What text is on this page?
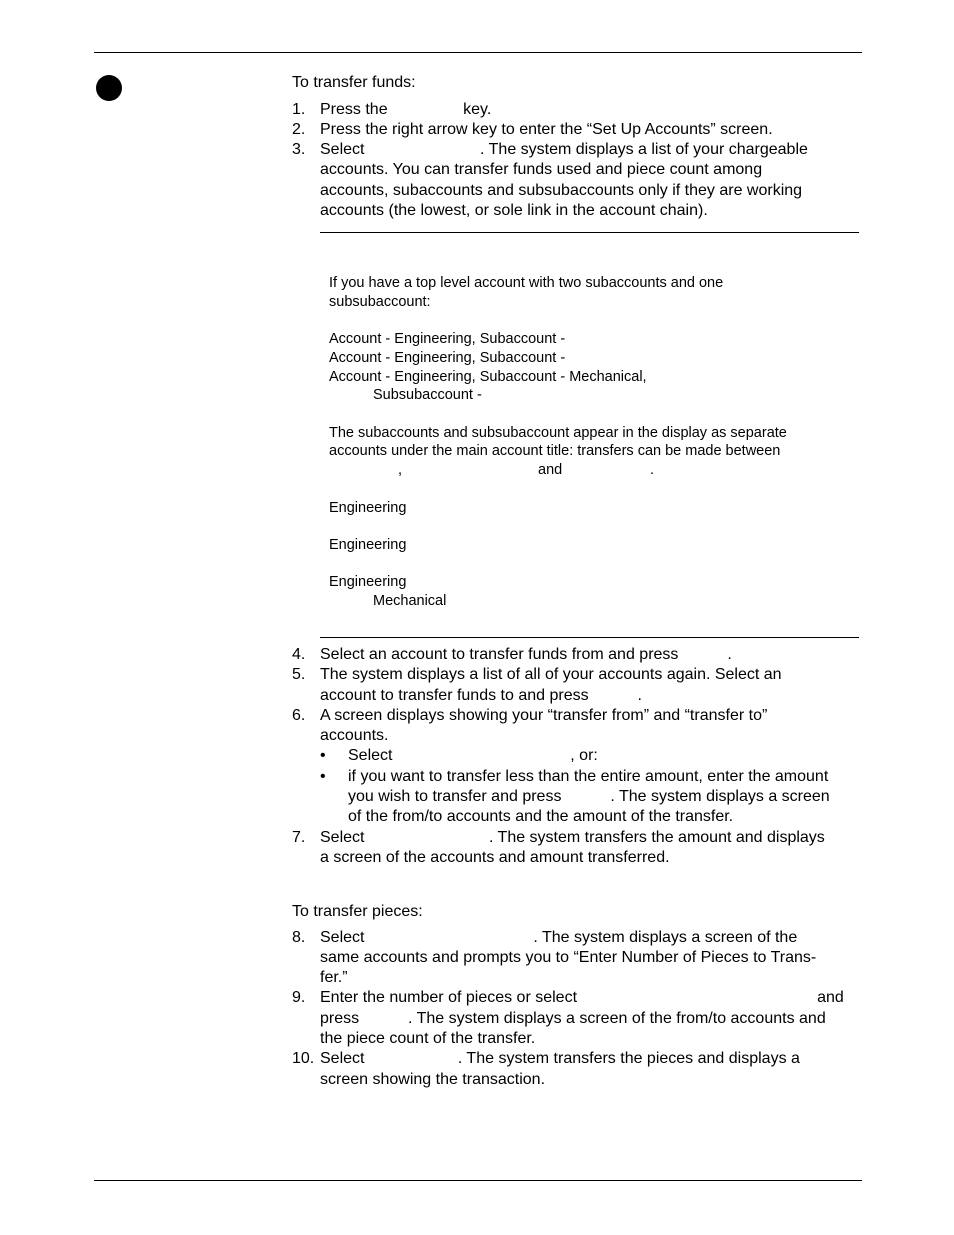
To transfer funds:
1. Press the                 key.
2. Press the right arrow key to enter the “Set Up Accounts” screen.
3. Select                          . The system displays a list of your chargeable
accounts. You can transfer funds used and piece count among
accounts, subaccounts and subsubaccounts only if they are working
accounts (the lowest, or sole link in the account chain).
If you have a top level account with two subaccounts and one
subsubaccount:
Account - Engineering, Subaccount -
Account - Engineering, Subaccount -
Account - Engineering, Subaccount - Mechanical,
Subsubaccount -
The subaccounts and subsubaccount appear in the display as separate
accounts under the main account title: transfers can be made between
,	and	.
Engineering
Engineering
Engineering
Mechanical
4. Select an account to transfer funds from and press           .
5. The system displays a list of all of your accounts again. Select an
account to transfer funds to and press           .
6. A screen displays showing your “transfer from” and “transfer to”
accounts.
• Select                                        , or:
• if you want to transfer less than the entire amount, enter the amount
you wish to transfer and press           . The system displays a screen
of the from/to accounts and the amount of the transfer.
7. Select                            . The system transfers the amount and displays
a screen of the accounts and amount transferred.
To transfer pieces:
8. Select                                      . The system displays a screen of the
same accounts and prompts you to “Enter Number of Pieces to Trans-
fer.”
9. Enter the number of pieces or select                                                      and
press           . The system displays a screen of the from/to accounts and
the piece count of the transfer.
10. Select                     . The system transfers the pieces and displays a
screen showing the transaction.
